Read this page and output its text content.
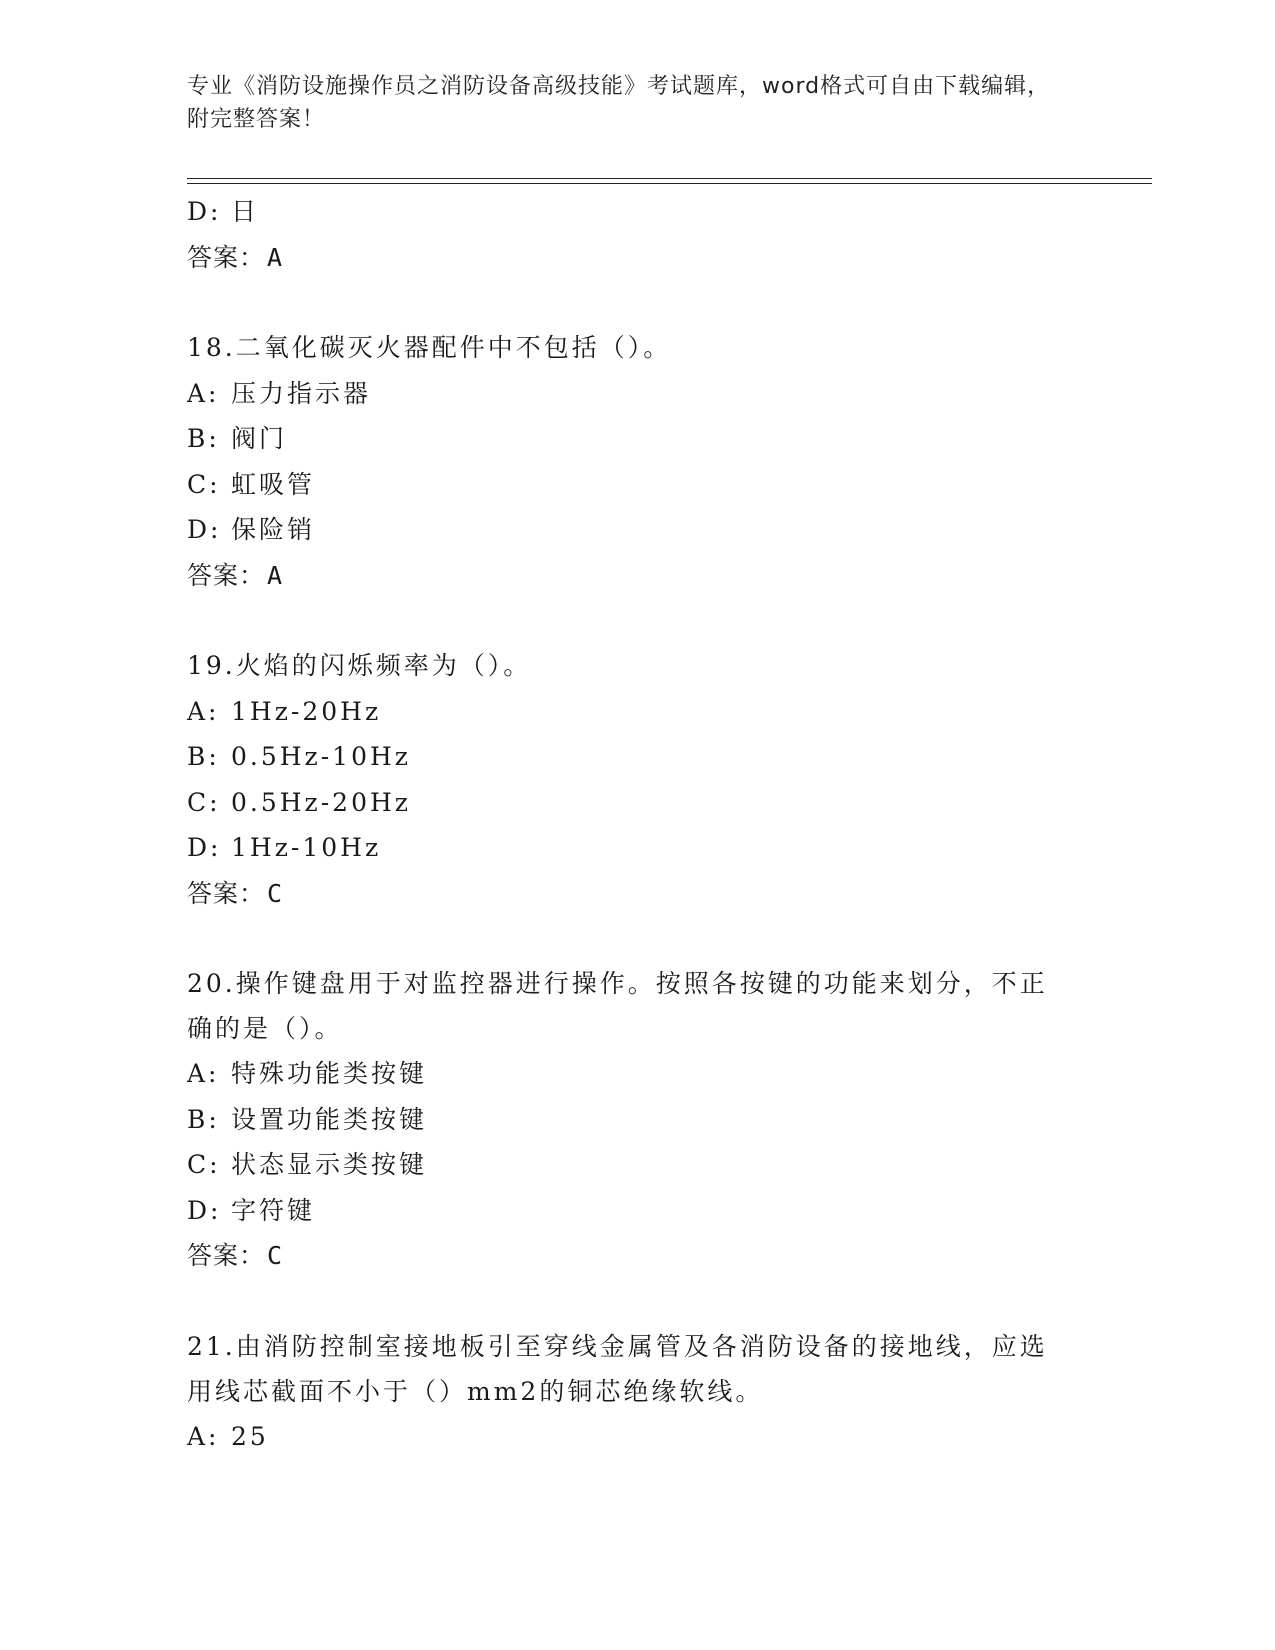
专业《消防设施操作员之消防设备高级技能》考试题库，word格式可自由下载编辑，附完整答案！
D: 日
答案：A
18.二氧化碳灭火器配件中不包括（）。
A: 压力指示器
B: 阀门
C: 虹吸管
D: 保险销
答案：A
19.火焰的闪烁频率为（）。
A: 1Hz-20Hz
B: 0.5Hz-10Hz
C: 0.5Hz-20Hz
D: 1Hz-10Hz
答案：C
20.操作键盘用于对监控器进行操作。按照各按键的功能来划分，不正确的是（）。
A: 特殊功能类按键
B: 设置功能类按键
C: 状态显示类按键
D: 字符键
答案：C
21.由消防控制室接地板引至穿线金属管及各消防设备的接地线，应选用线芯截面不小于（）mm2的铜芯绝缘软线。
A: 25
